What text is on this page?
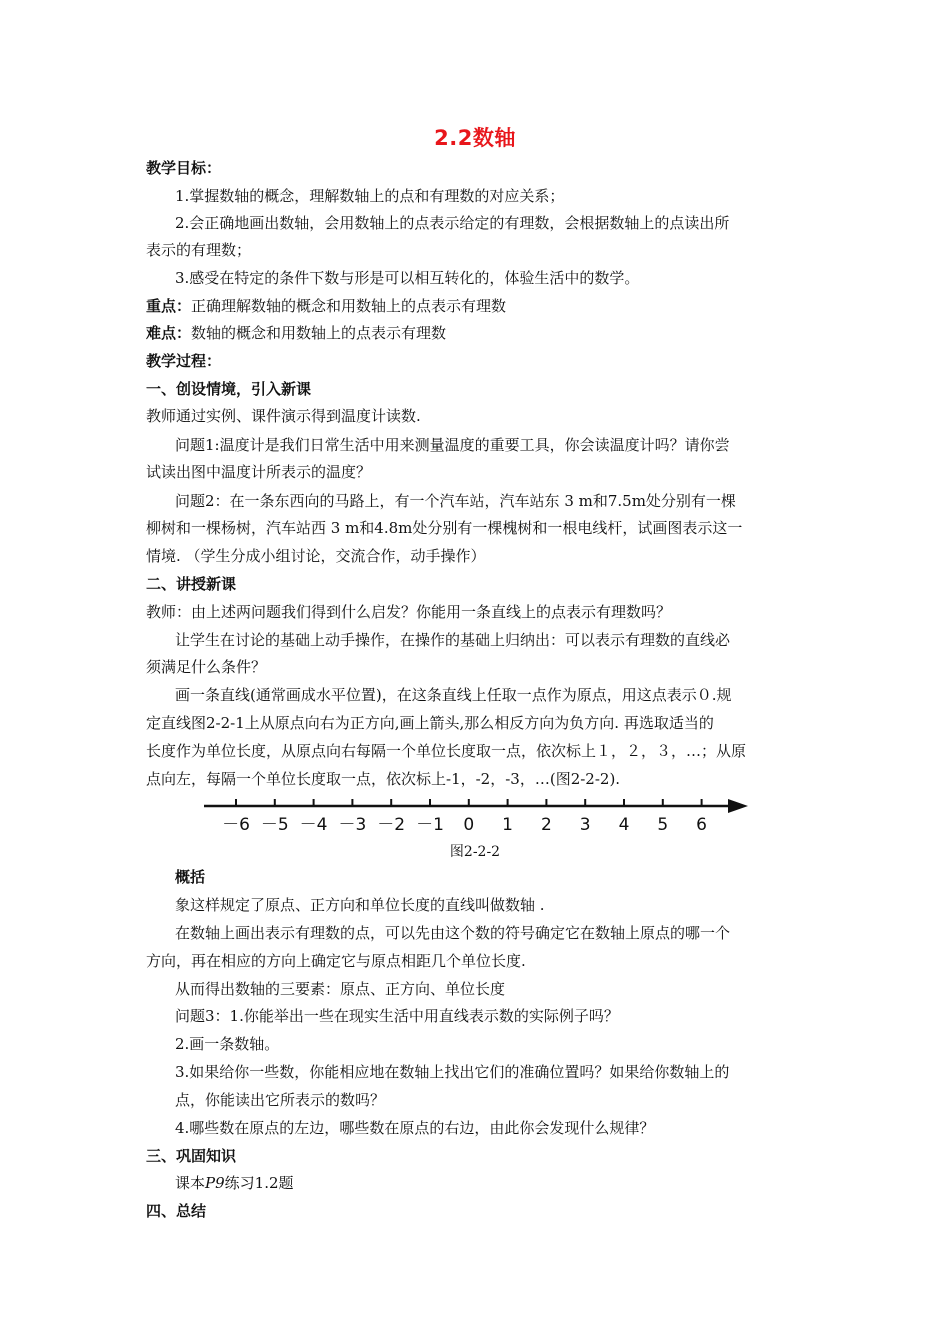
2.2数轴
教学目标：
1.掌握数轴的概念，理解数轴上的点和有理数的对应关系；
2.会正确地画出数轴，会用数轴上的点表示给定的有理数，会根据数轴上的点读出所
表示的有理数；
3.感受在特定的条件下数与形是可以相互转化的，体验生活中的数学。
重点：正确理解数轴的概念和用数轴上的点表示有理数
难点：数轴的概念和用数轴上的点表示有理数
教学过程：
一、创设情境，引入新课
教师通过实例、课件演示得到温度计读数.
问题1:温度计是我们日常生活中用来测量温度的重要工具，你会读温度计吗？请你尝
试读出图中温度计所表示的温度？
问题2：在一条东西向的马路上，有一个汽车站，汽车站东 3 m和7.5m处分别有一棵
柳树和一棵杨树，汽车站西 3 m和4.8m处分别有一棵槐树和一根电线杆，试画图表示这一
情境. （学生分成小组讨论，交流合作，动手操作）
二、讲授新课
教师：由上述两问题我们得到什么启发？你能用一条直线上的点表示有理数吗？
让学生在讨论的基础上动手操作，在操作的基础上归纳出：可以表示有理数的直线必
须满足什么条件？
画一条直线(通常画成水平位置)，在这条直线上任取一点作为原点，用这点表示０.规
定直线图2-2-1上从原点向右为正方向,画上箭头,那么相反方向为负方向. 再选取适当的
长度作为单位长度，从原点向右每隔一个单位长度取一点，依次标上１，２，３，…；从原
点向左，每隔一个单位长度取一点，依次标上-1，-2，-3，…(图2-2-2).
－6 －5 －4 －3 －2 －1 0 1 2 3 4 5 6
图2-2-2
概括
象这样规定了原点、正方向和单位长度的直线叫做数轴 .
在数轴上画出表示有理数的点，可以先由这个数的符号确定它在数轴上原点的哪一个
方向，再在相应的方向上确定它与原点相距几个单位长度.
从而得出数轴的三要素：原点、正方向、单位长度
问题3：1.你能举出一些在现实生活中用直线表示数的实际例子吗？
2.画一条数轴。
3.如果给你一些数，你能相应地在数轴上找出它们的准确位置吗？如果给你数轴上的
点，你能读出它所表示的数吗？
4.哪些数在原点的左边，哪些数在原点的右边，由此你会发现什么规律？
三、巩固知识
课本P9练习1.2题
四、总结
